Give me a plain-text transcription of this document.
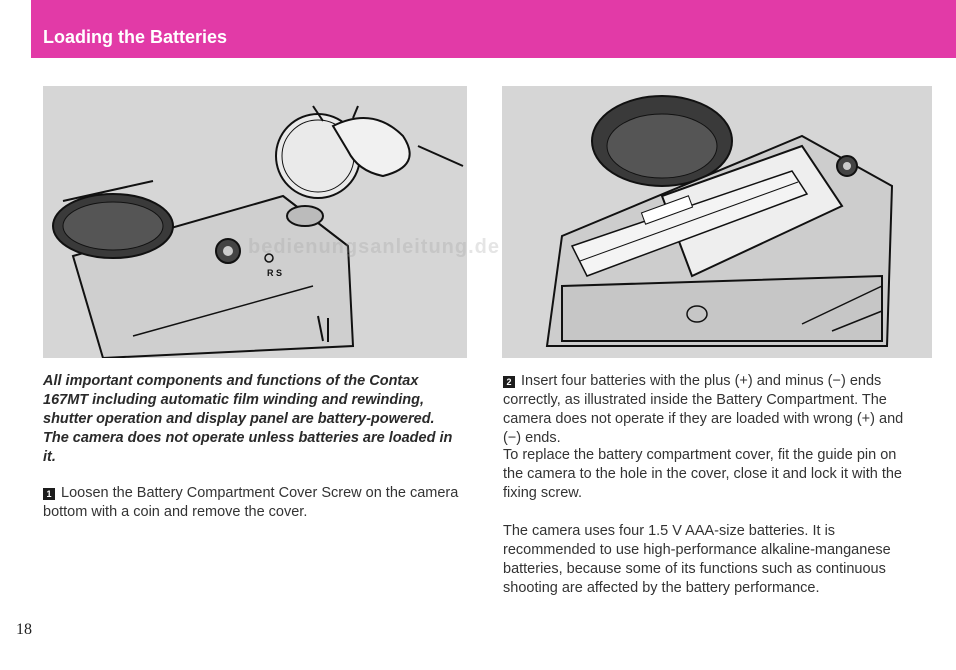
Loading the Batteries
R S
bedienungsanleitung.de
All important components and functions of the Contax 167MT including automatic film winding and rewinding, shutter operation and display panel are battery-powered. The camera does not operate unless batteries are loaded in it.
1 Loosen the Battery Compartment Cover Screw on the camera bottom with a coin and remove the cover.
2 Insert four batteries with the plus (+) and minus (−) ends correctly, as illustrated inside the Battery Compartment. The camera does not operate if they are loaded with wrong (+) and (−) ends.
To replace the battery compartment cover, fit the guide pin on the camera to the hole in the cover, close it and lock it with the fixing screw.
The camera uses four 1.5 V AAA-size batteries. It is recommended to use high-performance alkaline-manganese batteries, because some of its functions such as continuous shooting are affected by the battery performance.
18
